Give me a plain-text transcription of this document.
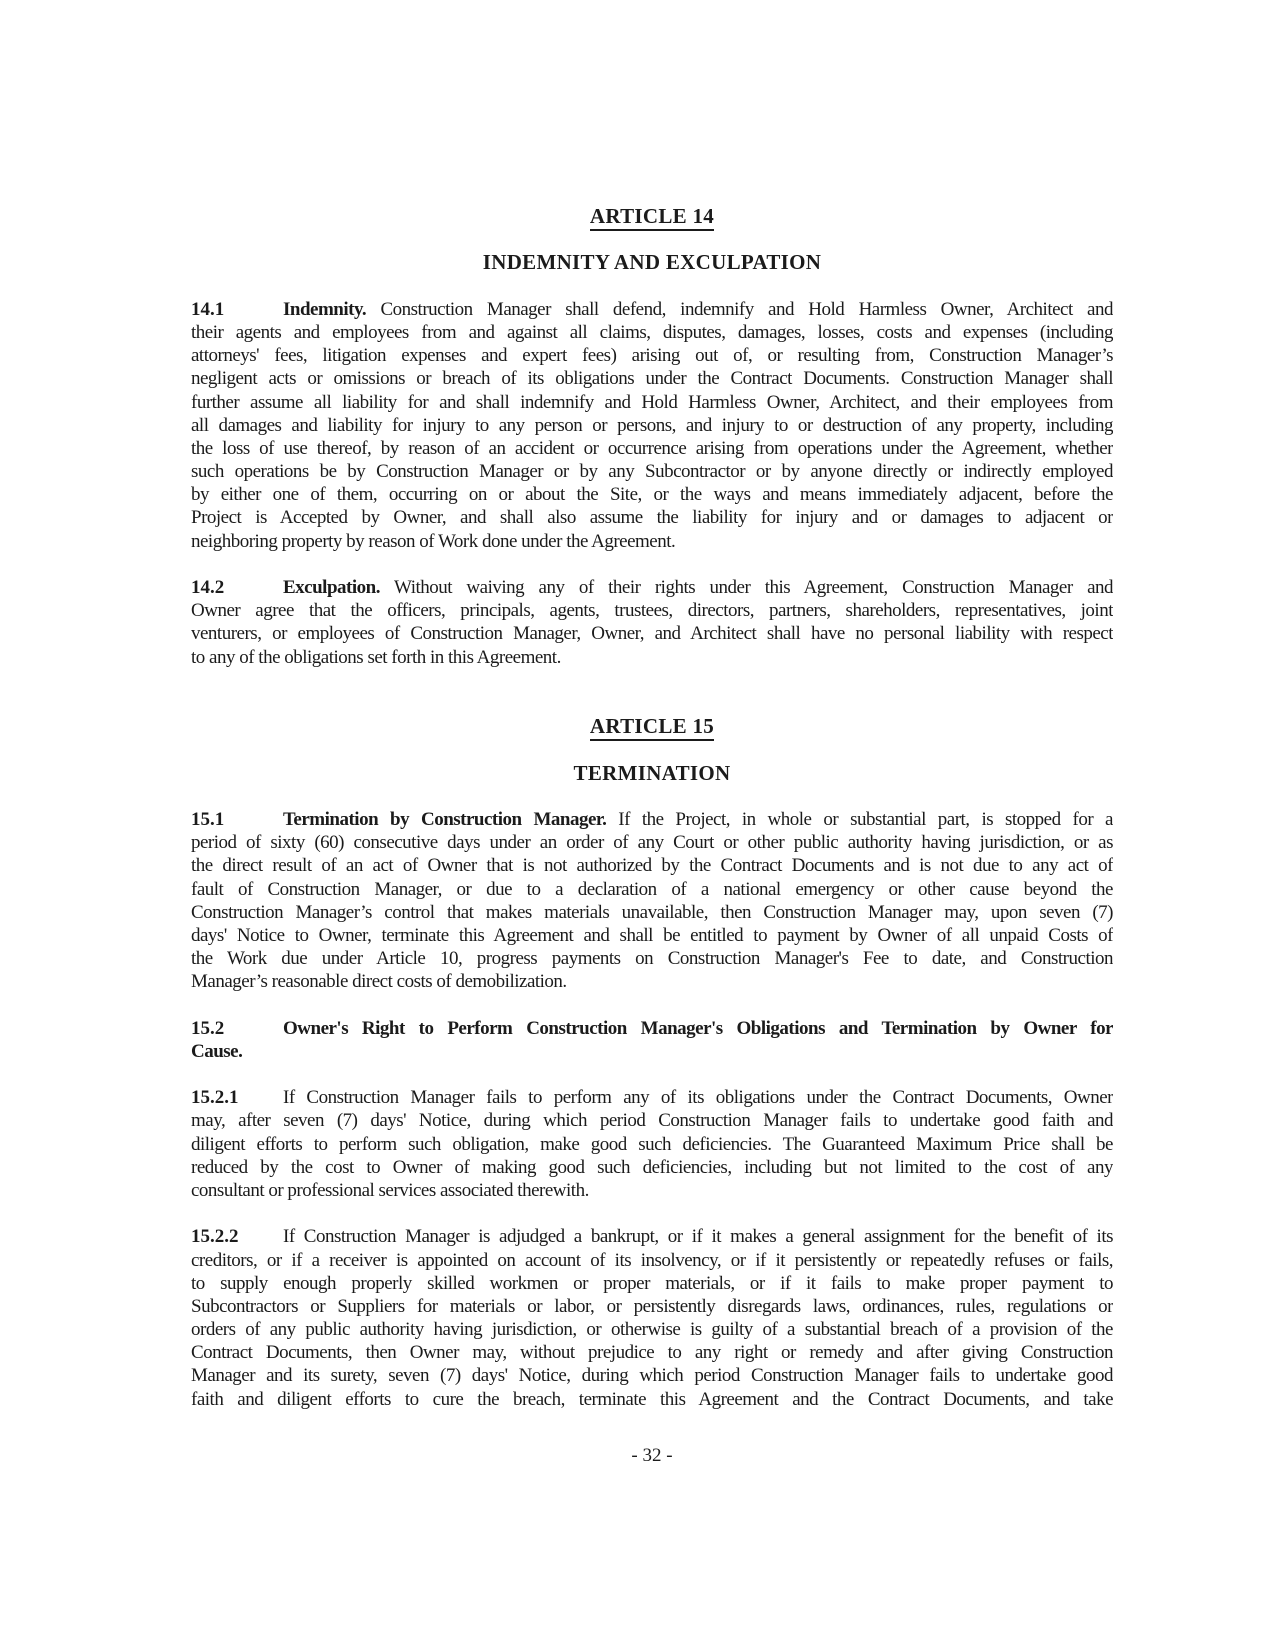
ARTICLE 14
INDEMNITY AND EXCULPATION
14.1	Indemnity. Construction Manager shall defend, indemnify and Hold Harmless Owner, Architect and
their agents and employees from and against all claims, disputes, damages, losses, costs and expenses (including
attorneys' fees, litigation expenses and expert fees) arising out of, or resulting from, Construction Manager’s
negligent acts or omissions or breach of its obligations under the Contract Documents. Construction Manager shall
further assume all liability for and shall indemnify and Hold Harmless Owner, Architect, and their employees from
all damages and liability for injury to any person or persons, and injury to or destruction of any property, including
the loss of use thereof, by reason of an accident or occurrence arising from operations under the Agreement, whether
such operations be by Construction Manager or by any Subcontractor or by anyone directly or indirectly employed
by either one of them, occurring on or about the Site, or the ways and means immediately adjacent, before the
Project is Accepted by Owner, and shall also assume the liability for injury and or damages to adjacent or
neighboring property by reason of Work done under the Agreement.
14.2	Exculpation. Without waiving any of their rights under this Agreement, Construction Manager and
Owner agree that the officers, principals, agents, trustees, directors, partners, shareholders, representatives, joint
venturers, or employees of Construction Manager, Owner, and Architect shall have no personal liability with respect
to any of the obligations set forth in this Agreement.
ARTICLE 15
TERMINATION
15.1	Termination by Construction Manager. If the Project, in whole or substantial part, is stopped for a
period of sixty (60) consecutive days under an order of any Court or other public authority having jurisdiction, or as
the direct result of an act of Owner that is not authorized by the Contract Documents and is not due to any act of
fault of Construction Manager, or due to a declaration of a national emergency or other cause beyond the
Construction Manager’s control that makes materials unavailable, then Construction Manager may, upon seven (7)
days' Notice to Owner, terminate this Agreement and shall be entitled to payment by Owner of all unpaid Costs of
the Work due under Article 10, progress payments on Construction Manager's Fee to date, and Construction
Manager’s reasonable direct costs of demobilization.
15.2	Owner's Right to Perform Construction Manager's Obligations and Termination by Owner for
Cause.
15.2.1 If Construction Manager fails to perform any of its obligations under the Contract Documents, Owner
may, after seven (7) days' Notice, during which period Construction Manager fails to undertake good faith and
diligent efforts to perform such obligation, make good such deficiencies. The Guaranteed Maximum Price shall be
reduced by the cost to Owner of making good such deficiencies, including but not limited to the cost of any
consultant or professional services associated therewith.
15.2.2 If Construction Manager is adjudged a bankrupt, or if it makes a general assignment for the benefit of its
creditors, or if a receiver is appointed on account of its insolvency, or if it persistently or repeatedly refuses or fails,
to supply enough properly skilled workmen or proper materials, or if it fails to make proper payment to
Subcontractors or Suppliers for materials or labor, or persistently disregards laws, ordinances, rules, regulations or
orders of any public authority having jurisdiction, or otherwise is guilty of a substantial breach of a provision of the
Contract Documents, then Owner may, without prejudice to any right or remedy and after giving Construction
Manager and its surety, seven (7) days' Notice, during which period Construction Manager fails to undertake good
faith and diligent efforts to cure the breach, terminate this Agreement and the Contract Documents, and take
- 32 -
